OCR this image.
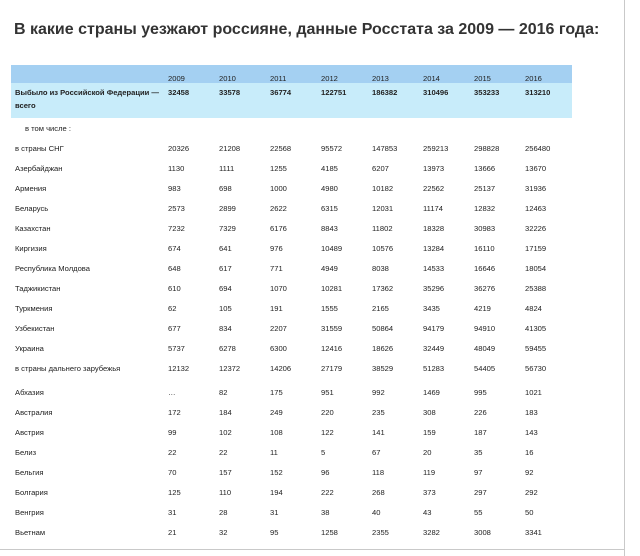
В какие страны уезжают россияне, данные Росстата за 2009 — 2016 года:
	2009	2010	2011	2012	2013	2014	2015	2016
Выбыло из Российской Федерации —	32458	33578	36774	122751	186382	310496	353233	313210
всего								
в том числе :								
в страны СНГ	20326	21208	22568	95572	147853	259213	298828	256480
Азербайджан	1130	1111	1255	4185	6207	13973	13666	13670
Армения	983	698	1000	4980	10182	22562	25137	31936
Беларусь	2573	2899	2622	6315	12031	11174	12832	12463
Казахстан	7232	7329	6176	8843	11802	18328	30983	32226
Киргизия	674	641	976	10489	10576	13284	16110	17159
Республика Молдова	648	617	771	4949	8038	14533	16646	18054
Таджикистан	610	694	1070	10281	17362	35296	36276	25388
Туркмения	62	105	191	1555	2165	3435	4219	4824
Узбекистан	677	834	2207	31559	50864	94179	94910	41305
Украина	5737	6278	6300	12416	18626	32449	48049	59455
в страны дальнего зарубежья	12132	12372	14206	27179	38529	51283	54405	56730

Абхазия	…	82	175	951	992	1469	995	1021
Австралия	172	184	249	220	235	308	226	183
Австрия	99	102	108	122	141	159	187	143
Белиз	22	22	11	5	67	20	35	16
Бельгия	70	157	152	96	118	119	97	92
Болгария	125	110	194	222	268	373	297	292
Венгрия	31	28	31	38	40	43	55	50
Вьетнам	21	32	95	1258	2355	3282	3008	3341
